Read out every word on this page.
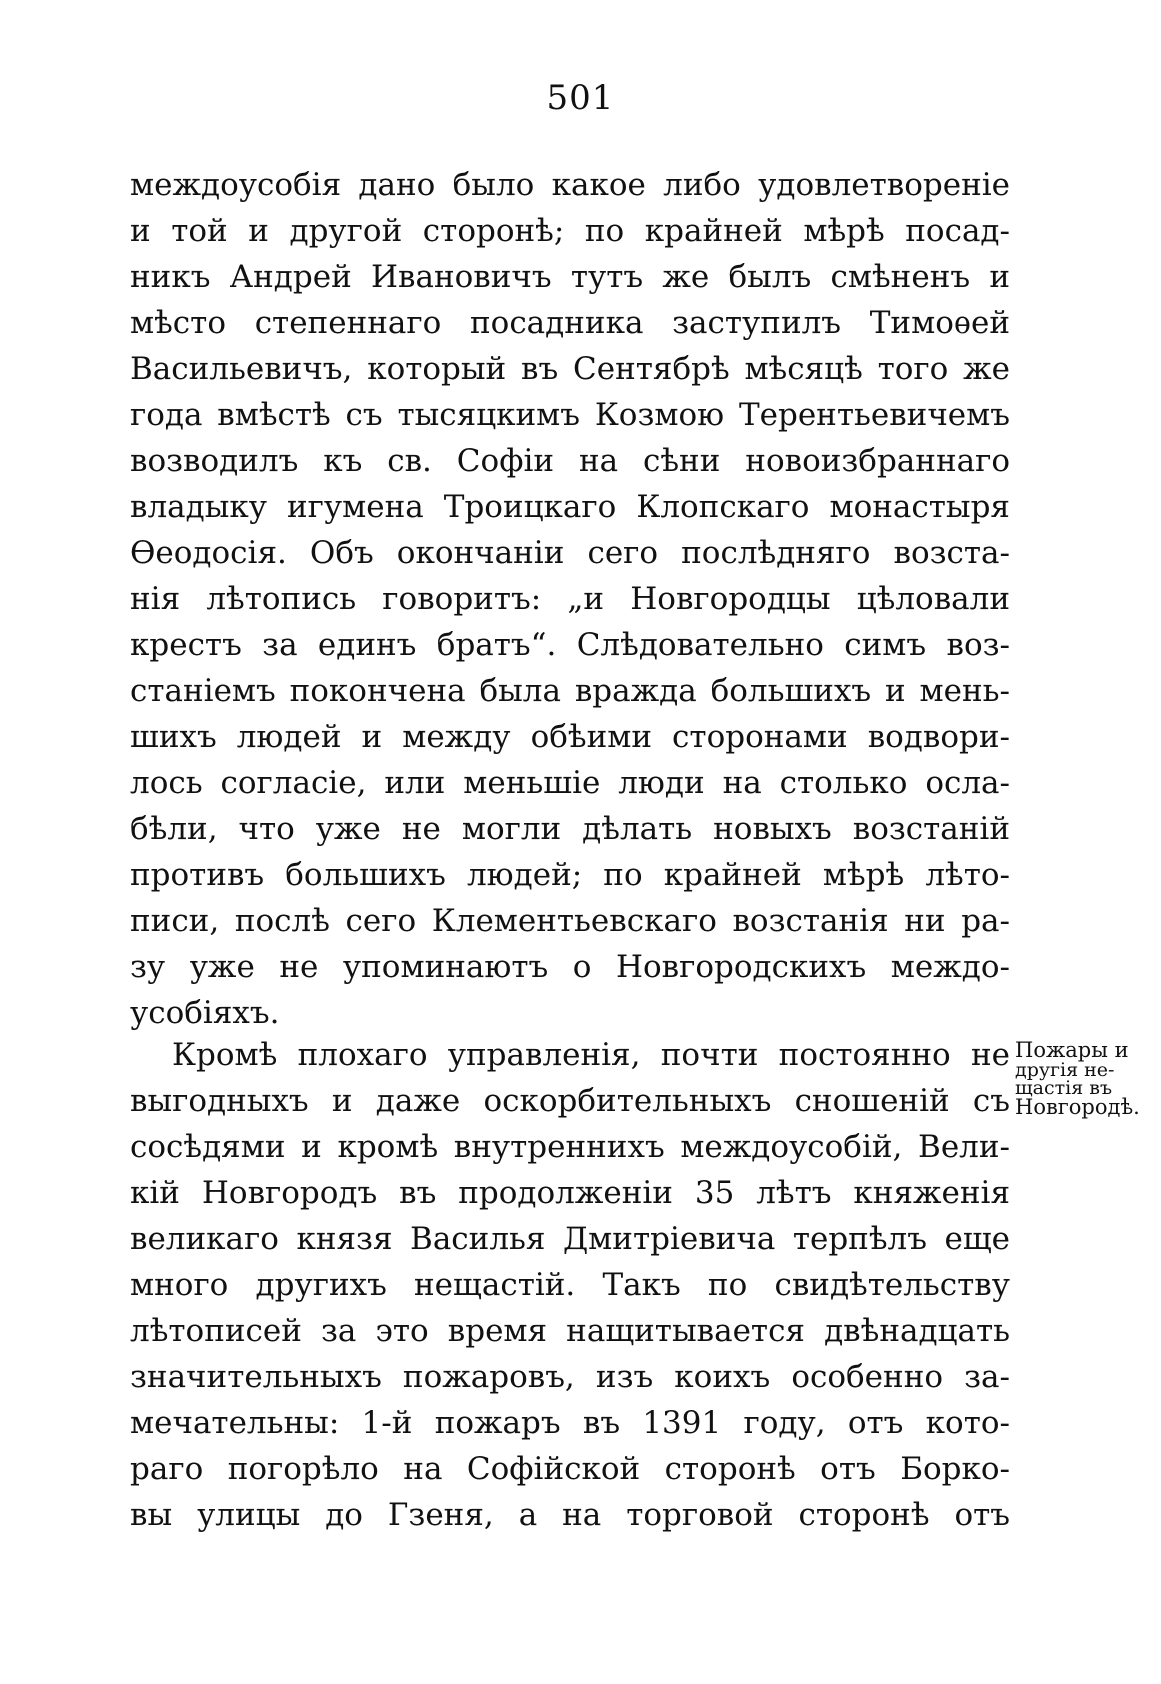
501
междоусобія дано было какое либо удовлетвореніе
и той и другой сторонѣ; по крайней мѣрѣ посад-
никъ Андрей Ивановичъ тутъ же былъ смѣненъ и
мѣсто степеннаго посадника заступилъ Тимоѳей
Васильевичъ, который въ Сентябрѣ мѣсяцѣ того же
года вмѣстѣ съ тысяцкимъ Козмою Терентьевичемъ
возводилъ къ св. Софіи на сѣни новоизбраннаго
владыку игумена Троицкаго Клопскаго монастыря
Ѳеодосія. Объ окончаніи сего послѣдняго возста-
нія лѣтопись говоритъ: „и Новгородцы цѣловали
крестъ за единъ братъ“. Слѣдовательно симъ воз-
станіемъ покончена была вражда большихъ и мень-
шихъ людей и между обѣими сторонами водвори-
лось согласіе, или меньшіе люди на столько осла-
бѣли, что уже не могли дѣлать новыхъ возстаній
противъ большихъ людей; по крайней мѣрѣ лѣто-
писи, послѣ сего Клементьевскаго возстанія ни ра-
зу уже не упоминаютъ о Новгородскихъ междо-
усобіяхъ.
Кромѣ плохаго управленія, почти постоянно не
выгодныхъ и даже оскорбительныхъ сношеній съ
сосѣдями и кромѣ внутреннихъ междоусобій, Вели-
кій Новгородъ въ продолженіи 35 лѣтъ княженія
великаго князя Василья Дмитріевича терпѣлъ еще
много другихъ нещастій. Такъ по свидѣтельству
лѣтописей за это время нащитывается двѣнадцать
значительныхъ пожаровъ, изъ коихъ особенно за-
мечательны: 1-й пожаръ въ 1391 году, отъ кото-
раго погорѣло на Софійской сторонѣ отъ Борко-
вы улицы до Гзеня, а на торговой сторонѣ отъ
Пожары и
другія не-
щастія въ
Новгородѣ.
